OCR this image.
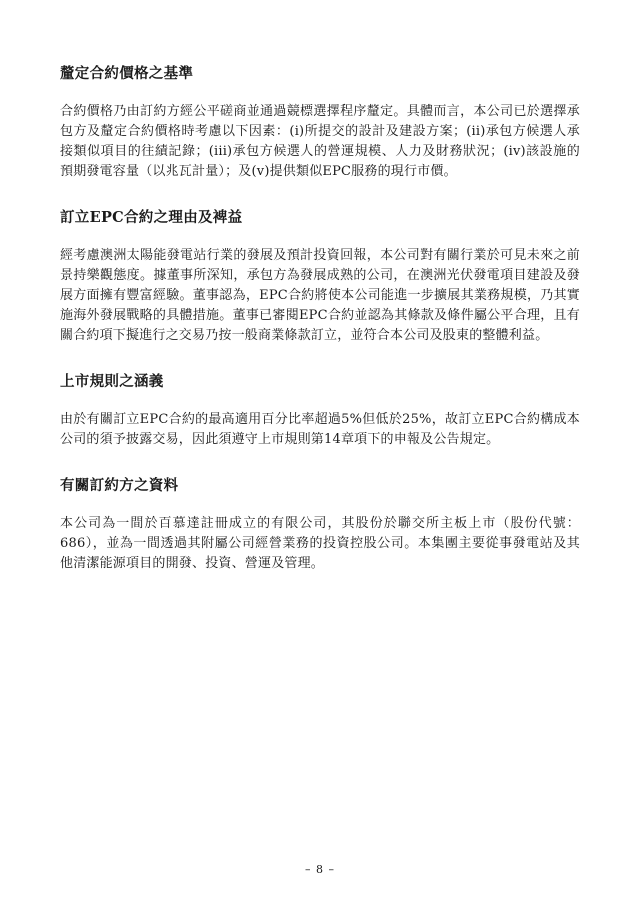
釐定合約價格之基準

合約價格乃由訂約方經公平磋商並通過競標選擇程序釐定。具體而言，本公司已於選擇承包方及釐定合約價格時考慮以下因素：(i)所提交的設計及建設方案；(ii)承包方候選人承接類似項目的往績記錄；(iii)承包方候選人的營運規模、人力及財務狀況；(iv)該設施的預期發電容量（以兆瓦計量）；及(v)提供類似EPC服務的現行市價。

訂立EPC合約之理由及裨益

經考慮澳洲太陽能發電站行業的發展及預計投資回報，本公司對有關行業於可見未來之前景持樂觀態度。據董事所深知，承包方為發展成熟的公司，在澳洲光伏發電項目建設及發展方面擁有豐富經驗。董事認為，EPC合約將使本公司能進一步擴展其業務規模，乃其實施海外發展戰略的具體措施。董事已審閱EPC合約並認為其條款及條件屬公平合理，且有關合約項下擬進行之交易乃按一般商業條款訂立，並符合本公司及股東的整體利益。

上市規則之涵義

由於有關訂立EPC合約的最高適用百分比率超過5%但低於25%，故訂立EPC合約構成本公司的須予披露交易，因此須遵守上市規則第14章項下的申報及公告規定。

有關訂約方之資料

本公司為一間於百慕達註冊成立的有限公司，其股份於聯交所主板上市（股份代號：686），並為一間透過其附屬公司經營業務的投資控股公司。本集團主要從事發電站及其他清潔能源項目的開發、投資、營運及管理。

– 8 –
